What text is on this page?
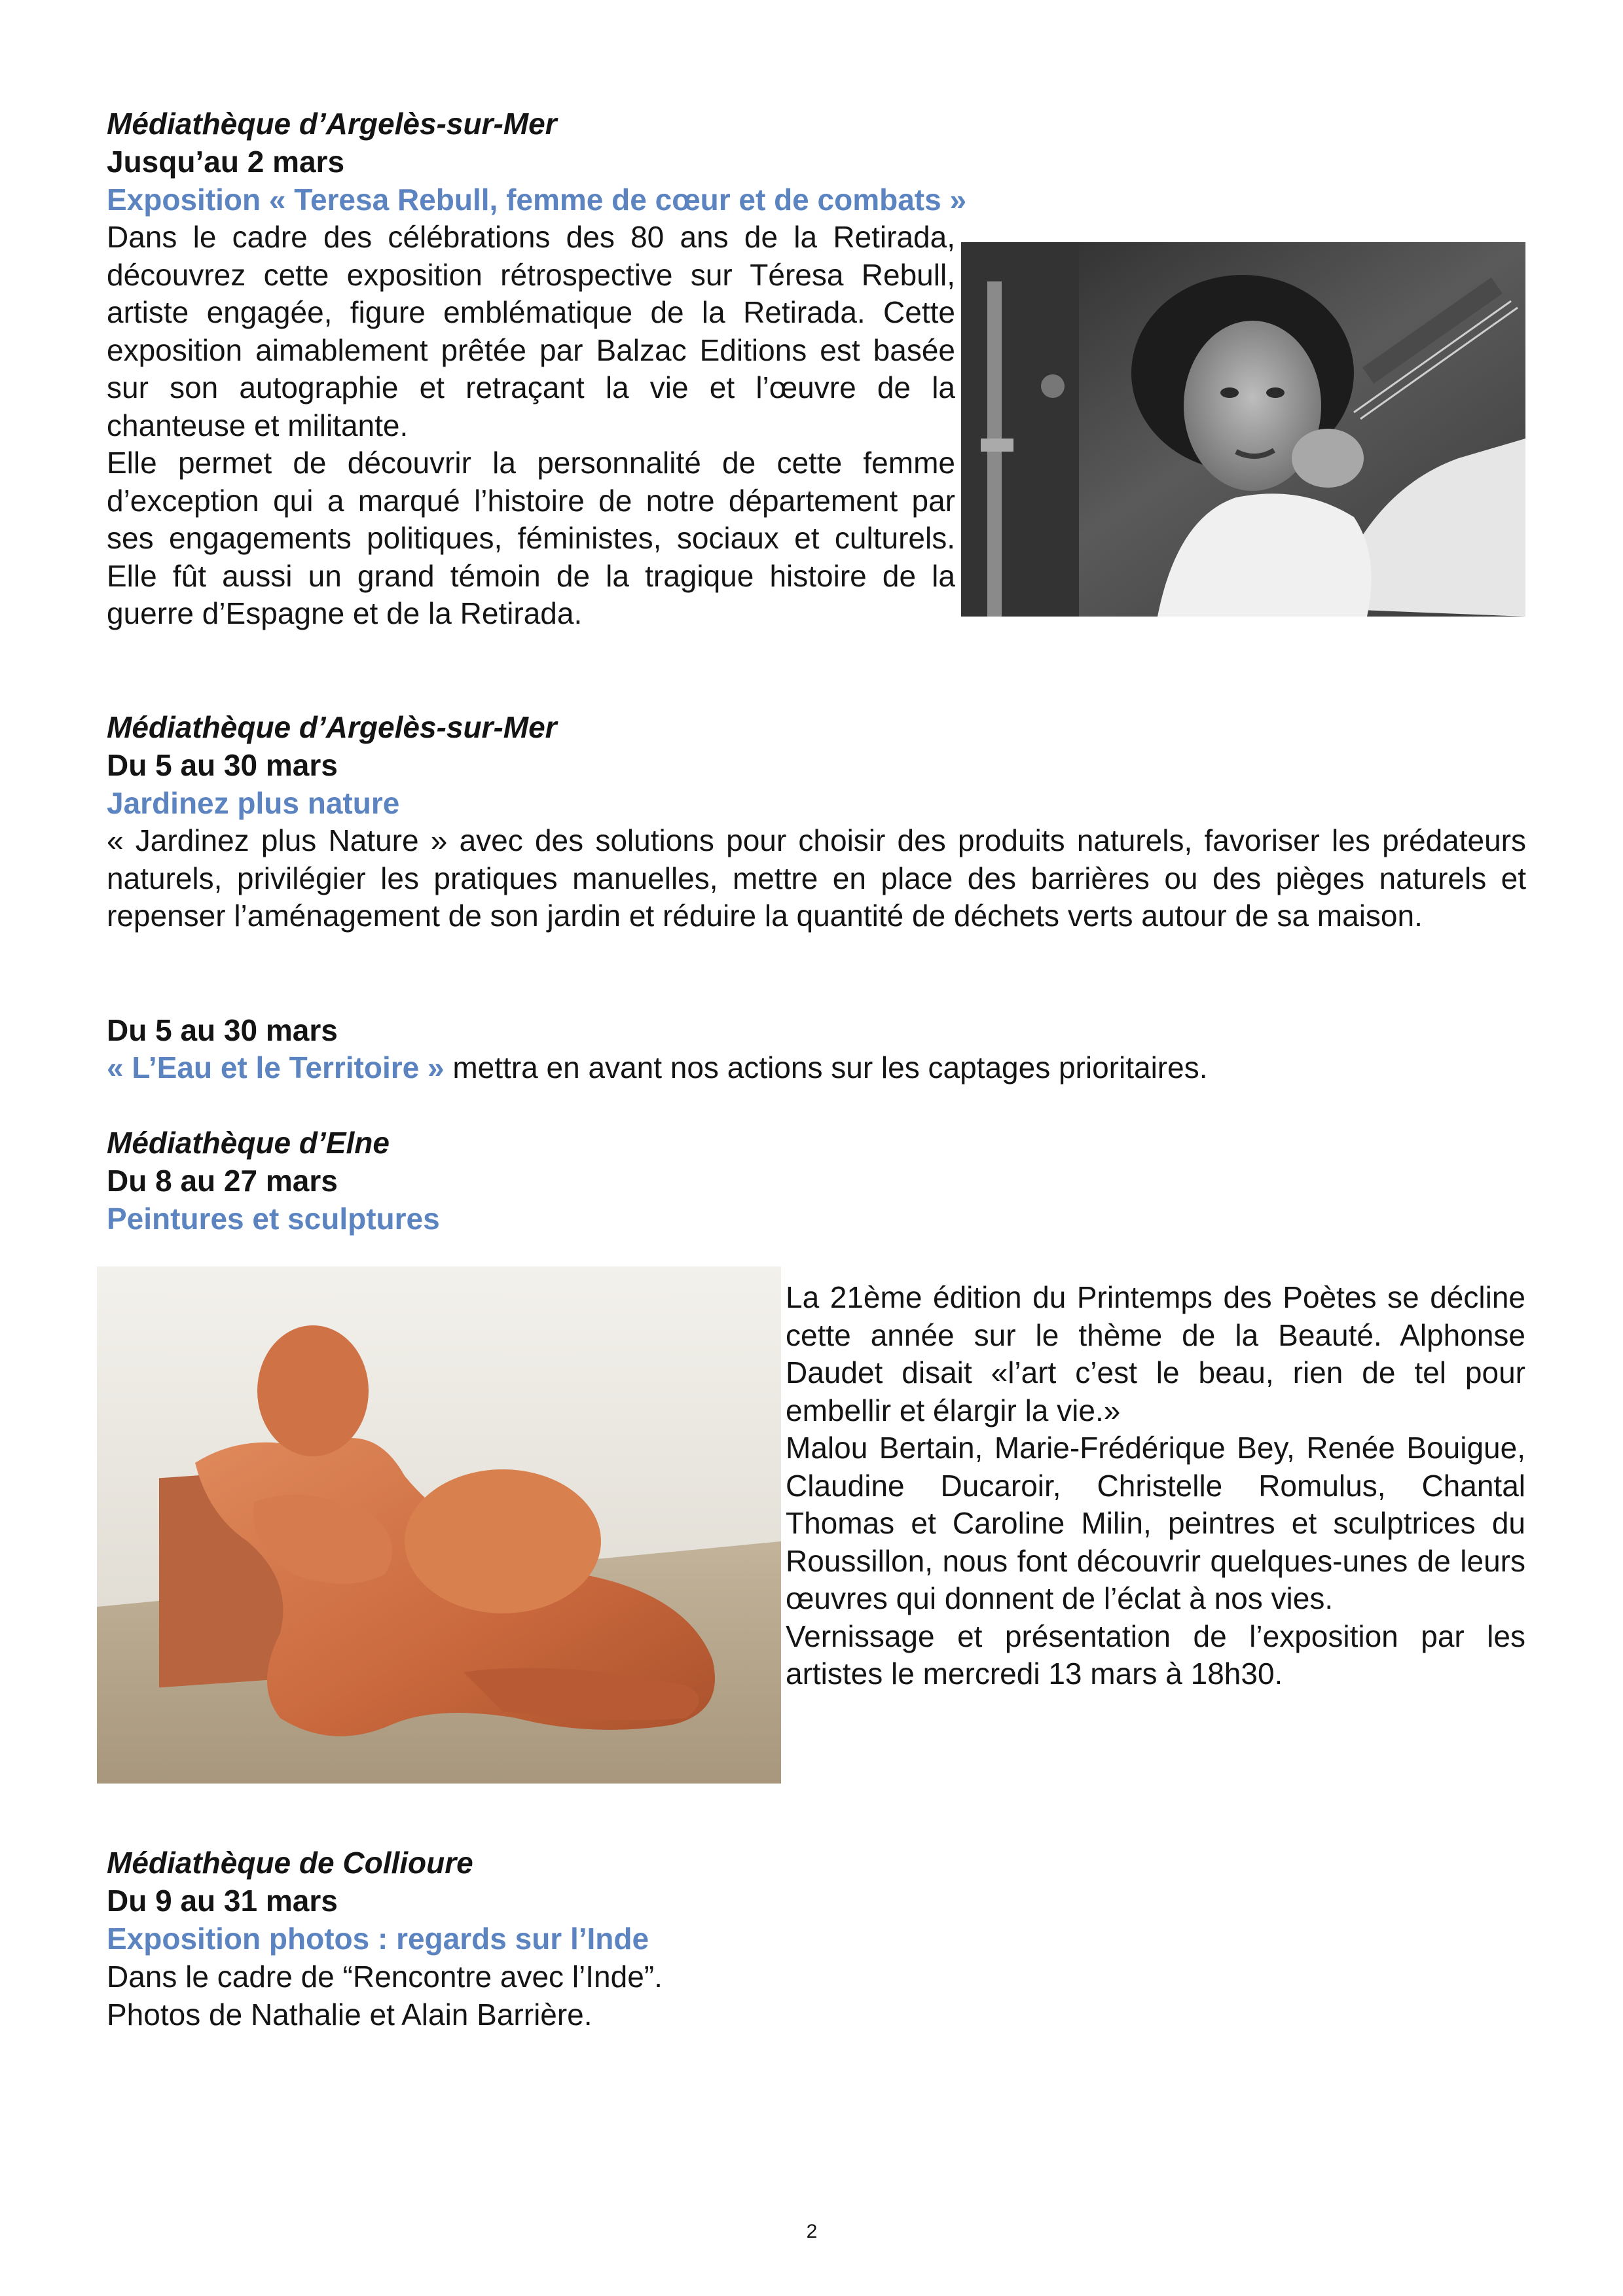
Médiathèque d’Argelès-sur-Mer
Jusqu’au 2 mars
Exposition « Teresa Rebull, femme de cœur et de combats »

Dans le cadre des célébrations des 80 ans de la Retirada, découvrez cette exposition rétrospective sur Téresa Rebull, artiste engagée, figure emblématique de la Retirada. Cette exposition aimablement prêtée par Balzac Editions est basée sur son autographie et retraçant la vie et l’œuvre de la chanteuse et militante.

Elle permet de découvrir la personnalité de cette femme d’exception qui a marqué l’histoire de notre département par ses engagements politiques, féministes, sociaux et culturels. Elle fût aussi un grand témoin de la tragique histoire de la guerre d’Espagne et de la Retirada.

Médiathèque d’Argelès-sur-Mer
Du 5 au 30 mars
Jardinez plus nature

« Jardinez plus Nature » avec des solutions pour choisir des produits naturels, favoriser les prédateurs naturels, privilégier les pratiques manuelles, mettre en place des barrières ou des pièges naturels et repenser l’aménagement de son jardin et réduire la quantité de déchets verts autour de sa maison.

Du 5 au 30 mars
« L’Eau et le Territoire » mettra en avant nos actions sur les captages prioritaires.
Médiathèque d’Elne
Du 8 au 27 mars
Peintures et sculptures

La 21ème édition du Printemps des Poètes se décline cette année sur le thème de la Beauté. Alphonse Daudet disait «l’art c’est le beau, rien de tel pour embellir et élargir la vie.»

Malou Bertain, Marie-Frédérique Bey, Renée Bouigue, Claudine Ducaroir, Christelle Romulus, Chantal Thomas et Caroline Milin, peintres et sculptrices du Roussillon, nous font découvrir quelques-unes de leurs œuvres qui donnent de l’éclat à nos vies.

Vernissage et présentation de l’exposition par les artistes le mercredi 13 mars à 18h30.

Médiathèque de Collioure
Du 9 au 31 mars
Exposition photos : regards sur l’Inde
Dans le cadre de “Rencontre avec l’Inde”.
Photos de Nathalie et Alain Barrière.
2
